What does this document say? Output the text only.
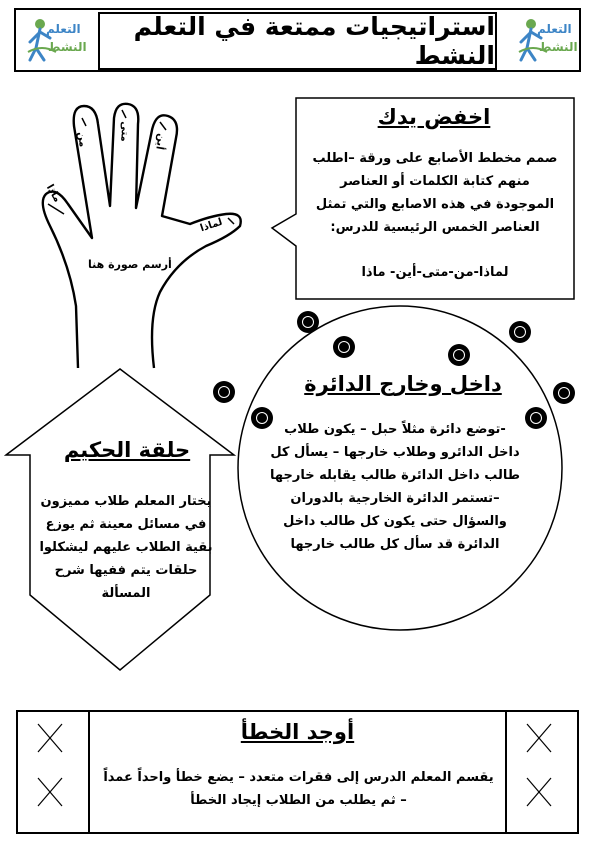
التعلم
النشط
استراتيجيات ممتعة في التعلم النشط
التعلم
النشط
ماذا
من	متى أين
لماذا
أرسم صورة هنا
اخفض يدك
صمم مخطط الأصابع على ورقة –اطلب منهم كتابة الكلمات أو العناصر الموجودة في هذه الاصابع والتي تمثل العناصر الخمس الرئيسية للدرس:
لماذا-من-متى-أين- ماذا
داخل وخارج الدائرة
-توضع دائرة مثلاً حبل – يكون طلاب داخل الدائرو وطلاب خارجها – يسأل كل طالب داخل الدائرة طالب يقابله خارجها –تستمر الدائرة الخارجية بالدوران والسؤال حتى يكون كل طالب داخل الدائرة قد سأل كل طالب خارجها
حلقة الحكيم
يختار المعلم طلاب مميزون في مسائل معينة ثم يوزع بقية الطلاب عليهم ليشكلوا حلقات يتم ففيها شرح المسألة
أوجد الخطأ
يقسم المعلم الدرس إلى فقرات متعدد – يضع خطأ واحداً عمداً – ثم يطلب من الطلاب إيجاد الخطأ
